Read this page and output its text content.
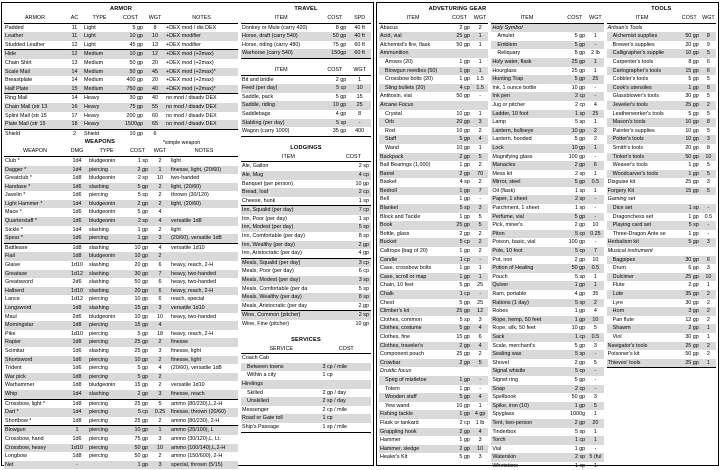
ARMOR					
ARMOR	AC	TYPE	COST	WGT	NOTES
Padded	11	Light	5 gp	8	+DEX mod / dis DEX
Leather	11	Light	10 gp	10	+DEX modifier
Studded Leather	12	Light	45 gp	13	+DEX modifier
Hide	12	Medium	10 gp	12	+DEX mod (+2max)
Chain Shirt	13	Medium	50 gp	20	+DEX mod (+2max)
Scale Mail	14	Medium	50 gp	45	+DEX mod (+2max)*
Breastplate	14	Medium	400 gp	20	+DEX mod (+2max)
Half Plate	15	Medium	750 gp	40	+DEX mod (+2max)*
Ring Mail	14	Heavy	30 gp	40	no mod / disadv DEX
Chain Mail (str 13	16	Heavy	75 gp	55	no mod / disadv DEX
Splint Mail (str 15	17	Heavy	200 gp	60	no mod / disadv DEX
Plate Mail (str 15	18	Heavy	1500gp	65	no mod / disadv DEX
Shield	2	Shield	10 gp	6	
WEAPONS			*simple weapon		
WEAPON	DMG	TYPE	COST	WGT	NOTES
Club *	1d4	bludgeonin	1 sp	2	light
Dagger *	1d4	piercing	2 gp	1	finesse, light, (20/60)
Greatclub *	1d8	bludgeonin	2 sp	10	two-handed
Handaxe *	1d6	slashing	5 gp	2	light, (20/60)
Javelin *	1d6	piercing	5 sp	2	thrown (30/120)
Light Hammer *	1d4	bludgeonin	2 gp	2	light, (20/60)
Mace *	1d6	bludgeonin	5 gp	4	
Quarterstaff *	1d6	bludgeonin	2 sp	4	versatile 1d8
Sickle *	1d4	slashing	1 gp	2	light
Spear *	1d6	piercing	1 gp	3	(20/60), versatile 1d8
Battleaxe	1d8	slashing	10 gp	4	versatile 1d10
Flail	1d8	bludgeonin	10 gp	2	
Glaive	1d10	slashing	20 gp	6	heavy, reach, 2-H
Greataxe	1d12	slashing	30 gp	7	heavy, two-handed
Greatsword	2d6	slashing	50 gp	6	heavy, two-handed
Halberd	1d10	slashing	20 gp	6	heavy, reach, 2-H
Lance	1d12	piercing	10 gp	6	reach, special
Longsword	1d8	slashing	15 gp	3	versatile 1d10
Maul	2d6	bludgeonin	10 gp	10	heavy, two-handed
Morningstar	1d8	piercing	15 gp	4	
Pike	1d10	piercing	5 gp	18	heavy, reach, 2-H
Rapier	1d8	piercing	25 gp	2	finesse
Scimitar	1d6	slashing	25 gp	3	finesse, light
Shortsword	1d6	piercing	10 gp	2	finesse, light
Trident	1d6	piercing	5 gp	4	(20/60), versatile 1d8
War pick	1d8	piercing	5 gp	2	
Warhammer	1d8	bludgeonin	15 gp	2	versatile 1d10
Whip	1d4	slashing	2 gp	3	finesse, reach
Crossbow, light *	1d8	piercing	25 gp	5	ammo (80/230),L,2-H
Dart *	1d4	piercing	5 cp	0.25	finesse, thrown (20/60)
Shortbow *	1d8	piercing	25 gp	2	ammo (80/230), 2-H
Blowgun	1	piercing	10 gp	1	ammo (25/100), L
Crossbow, hand	1d6	piercing	75 gp	3	ammo (30/120),L, Lt.
Crossbow, heavy	1d10	piercing	50 gp	10	ammo (100/140),L,2-H
Longbow	1d8	piercing	50 gp	2	ammo (150/600), 2-H
Net	-		1 gp	3	special, thrown (5/15)
TRAVEL		
ITEM	COST	SPD
Donkey or Mule (carry 420)	8 gp	40 ft
Horse, draft (carry 540)	50 gp	40 ft
Horse, riding (carry 480)	75 gp	60 ft
Warhorse (carry 540)	150gp	60 ft
ITEM	COST	WGT
Bit and bridle	2 gp	1
Feed (per day)	5 cp	10
Saddle, pack	5 gp	15
Saddle, riding	10 gp	25
Saddlebags	4 gp	8
Stabling (per day)	5 sp	-
Wagon (carry 1000)	35 gp	400
LODGINGS	
ITEM	COST
Ale, Gallon	2 sp
Ale, Mug	4 cp
Banquet (per person)	10 gp
Bread, loaf	2 cp
Cheese, hunk	1 sp
Inn, Squalid (per day)	7 cp
Inn, Poor (per day)	1 sp
Inn, Modest (per day)	5 sp
Inn, Comfortable (per day)	8 sp
Inn, Wealthy (per day)	2 gp
Inn, Aristocratic (per day)	4 gp
Meals, Squalid (per day)	3 cp
Meals, Poor (per day)	6 cp
Meals, Modest (per day)	3 sp
Meals, Comfortable (per da	5 sp
Meals, Wealthy (per day)	8 sp
Meals, Aristocratic (per day	2 gp
Wine, Common (pitcher)	2 sp
Wine, Fine (pitcher)	10 gp
SERVICES	
SERVICE	COST
Coach Cab	
Between towns	3 cp / mile
Within a city	1 cp
Hirelings	
Skilled	2 gp / day
Unskilled	2 sp / day
Messenger	2 cp / mile
Road or Gate toll	1 cp
Ship's Passage	1 sp / mile
ADVETURING GEAR		
ITEM	COST	WGT
Abacus	2 gp	2
Acid, vial	25 gp	1
Alchemist's fire, flask	50 gp	1
Ammunition		
Arrows (20)	1 gp	1
Blowgun needles (50)	1 gp	1
Crossbow bolts (20)	1 gp	1.5
Sling bullets (20)	4 cp	1.5
Antitoxin, vial	50 gp	-
Arcane Focus		
Crystal	10 gp	1
Orb	20 gp	3
Rod	10 gp	2
Staff	5 gp	4
Wand	10 gp	1
Backpack	2 gp	5
Ball Bearings (1,000)	1 gp	2
Barrel	2 gp	70
Basket	4 sp	2
Bedroll	1 gp	7
Bell	1 gp	-
Blanket	5 sp	3
Block and Tackle	1 gp	5
Book	25 gp	5
Bottle, glass	2 gp	2
Bucket	5 cp	2
Caltrops (bag of 20)	1 gp	2
Candle	1 cp	-
Case, crossbow bolts	1 gp	1
Case, scroll or map	1 gp	1
Chain, 10 feet	5 gp	25
Chalk	1 cp	-
Chest	5 gp	25
Climber's kit	25 gp	12
Clothes, common	5 sp	3
Clothes, costume	5 gp	4
Clothes, fine	15 gp	6
Clothes, traveler's	2 gp	4
Component pouch	25 gp	2
Crowbar	2 gp	5
Druidic focus		
Sprig of mistletoe	1 gp	-
Totem	1 gp	-
Wooden staff	5 gp	4
Yew wand	10 gp	1
Fishing tackle	1 gp	4 gp
Flask or tankard	2 cp	1 lb
Grappling hook	2 gp	4
Hammer	1 gp	3
Hammer, sledge	2 gp	10
Healer's Kit	5 gp	3

ITEM	COST	WGT
Holy Symbol		
Amulet	5 gp	1
Emblem	5 gp	-
Reliquary	5 gp	2 lb
Holy water, flask	25 gp	1
Hourglass	25 gp	1
Hunting Trap	5 gp	25
Ink, 1 ounce bottle	10 gp	-
Ink pen	2 cp	-
Jug or pitcher	2 cp	4
Ladder, 10 foot	1 sp	25
Lamp	5 sp	1
Lantern, bullseye	10 gp	2
Lantern, hooded	5 gp	2
Lock	10 gp	1
Magnifying glass	100 gp	-
Manacles	2 gp	6
Mess kit	2 sp	1
Mirror, steel	5 gp	0.5
Oil (flask)	1 sp	1
Paper, 1 sheet	2 sp	-
Parchment, 1 sheet	1 sp	-
Perfume, vial	5 gp	-
Pick, miner's	2 gp	10
Piton	5 cp	0.25
Poison, basic, vial	100 gp	-
Pole, 10 foot	5 cp	7
Pot, iron	2 gp	10
Potion of Healing	50 gp	0.5
Pouch	5 sp	1
Quiver	1 gp	1
Ram, portable	4 gp	35
Rations (1 day)	5 sp	2
Robes	1 gp	4
Rope, hemp, 50 feet	1 gp	10
Rope, silk, 50 feet	10 gp	5
Sack	1 cp	0.5
Scale, merchant's	5 gp	3
Sealing wax	5 sp	-
Shovel	2 gp	5
Signal whistle	5 cp	-
Signet ring	5 gp	-
Soap	2 cp	-
Spellbook	50 gp	3
Spike, iron (10)	1 gp	5
Spyglass	1000g	1
Tent, two-person	2 gp	20
Tinderbox	5 sp	1
Torch	1 cp	1
Vial	1 gp	-
Waterskin	2 sp	5 (ful
Whetstone	1 cp	1
TOOLS		
ITEM	COST	WGT
Artisan's Tools		
Alchemist supplies	50 gp	8
Brewer's supplies	20 gp	9
Calligrapher's supplie	10 gp	5
Carpenter's tools	8 gp	6
Cartographer's tools	15 gp	6
Cobbler's tools	5 gp	5
Cook's utensiles	1 gp	8
Glassblower's tools	30 gp	5
Jeweler's tools	25 gp	2
Leatherworker's tools	5 gp	5
Mason's tools	10 gp	8
Painter's supplies	10 gp	5
Potter's tools	10 gp	3
Smith's tools	20 gp	8
Tinker's tools	50 gp	10
Weaver's tools	1 gp	5
Woodcarver's tools	1 gp	5
Disguise kit	25 gp	3
Forgery Kit	15 gp	5
Gaming set		
Dice set	1 sp	-
Dragonchess set	1 gp	0.5
Playing card set	5 sp	-
Three-Dragon Ante se	1 gp	-
Herbalism kit	5 gp	3
Musical instrument		
Bagpipes	30 gp	6
Drum	6 gp	3
Dulcimer	25 gp	10
Flute	2 gp	1
Lute	35 gp	2
Lyre	30 gp	2
Horn	3 gp	2
Pan flute	12 gp	2
Shawm	2 gp	1
Viol	30 gp	1
Navigator's tools	25 gp	2
Poisoner's kit	50 gp	2
Thieves' tools	25 gp	1
